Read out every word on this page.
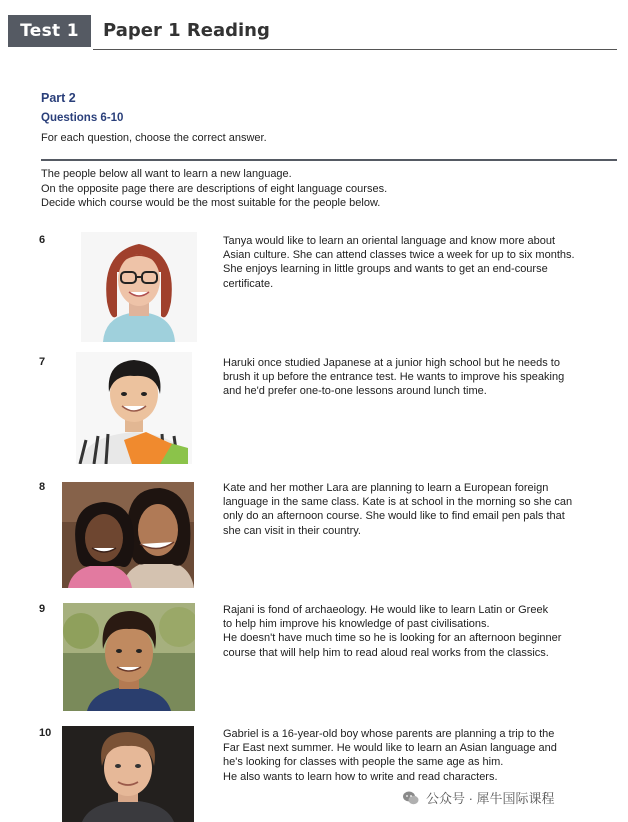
Test 1	Paper 1 Reading
Part 2
Questions 6-10
For each question, choose the correct answer.
The people below all want to learn a new language.
On the opposite page there are descriptions of eight language courses.
Decide which course would be the most suitable for the people below.
6	Tanya would like to learn an oriental language and know more about
Asian culture. She can attend classes twice a week for up to six months.
She enjoys learning in little groups and wants to get an end-course
certificate.
7	Haruki once studied Japanese at a junior high school but he needs to
brush it up before the entrance test. He wants to improve his speaking
and he'd prefer one-to-one lessons around lunch time.
8	Kate and her mother Lara are planning to learn a European foreign
language in the same class. Kate is at school in the morning so she can
only do an afternoon course. She would like to find email pen pals that
she can visit in their country.
9	Rajani is fond of archaeology. He would like to learn Latin or Greek
to help him improve his knowledge of past civilisations.
He doesn't have much time so he is looking for an afternoon beginner
course that will help him to read aloud real works from the classics.
10	Gabriel is a 16-year-old boy whose parents are planning a trip to the
Far East next summer. He would like to learn an Asian language and
he's looking for classes with people the same age as him.
He also wants to learn how to write and read characters.
公众号 · 犀牛国际课程
